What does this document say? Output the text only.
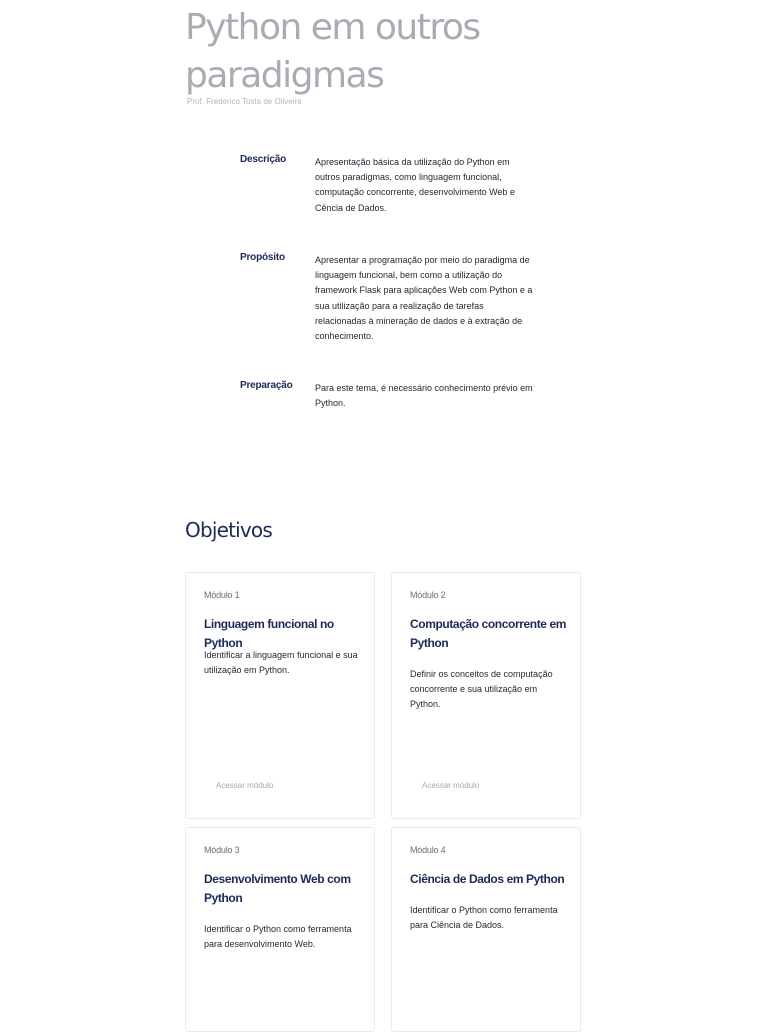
Python em outros paradigmas
Prof. Frederico Tosta de Oliveira
Descrição	Apresentação básica da utilização do Python em outros paradigmas, como linguagem funcional, computação concorrente, desenvolvimento Web e Cência de Dados.
Propósito	Apresentar a programação por meio do paradigma de linguagem funcional, bem como a utilização do framework Flask para aplicações Web com Python e a sua utilização para a realização de tarefas relacionadas à mineração de dados e à extração de conhecimento.
Preparação	Para este tema, é necessário conhecimento prévio em Python.
Objetivos
Módulo 1
Linguagem funcional no Python
Identificar a linguagem funcional e sua utilização em Python.
Acessar módulo
Módulo 2
Computação concorrente em Python
Definir os conceitos de computação concorrente e sua utilização em Python.
Acessar módulo
Módulo 3
Desenvolvimento Web com Python
Identificar o Python como ferramenta para desenvolvimento Web.
Módulo 4
Ciência de Dados em Python
Identificar o Python como ferramenta para Ciência de Dados.
